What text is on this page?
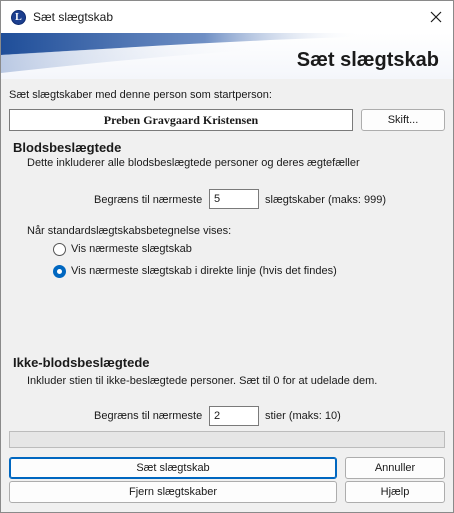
L Sæt slægtskab
Sæt slægtskab
Sæt slægtskaber med denne person som startperson:
Preben Gravgaard Kristensen	Skift...
Blodsbeslægtede
Dette inkluderer alle blodsbeslægtede personer og deres ægtefæller
Begræns til nærmeste	5	slægtskaber (maks: 999)
Når standardslægtskabsbetegnelse vises:
Vis nærmeste slægtskab
Vis nærmeste slægtskab i direkte linje (hvis det findes)
Ikke-blodsbeslægtede
Inkluder stien til ikke-beslægtede personer. Sæt til 0 for at udelade dem.
Begræns til nærmeste	2	stier (maks: 10)
Sæt slægtskab	Annuller
Fjern slægtskaber	Hjælp
